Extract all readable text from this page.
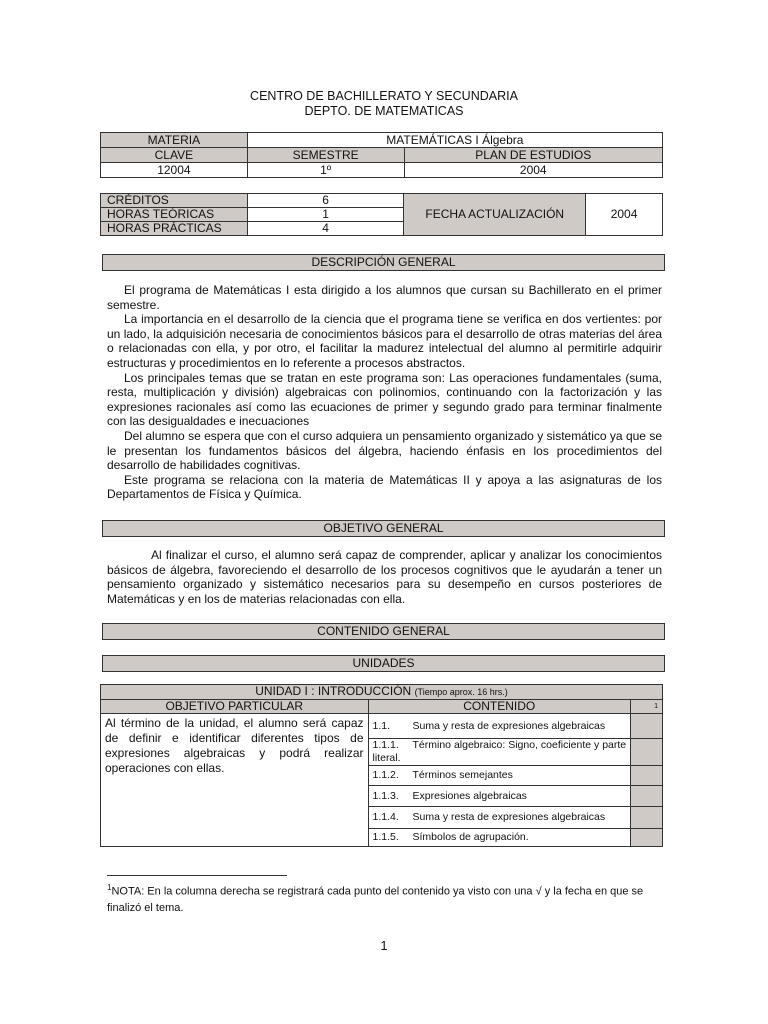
CENTRO DE BACHILLERATO Y SECUNDARIA
DEPTO. DE MATEMATICAS
MATERIA	MATEMÁTICAS I Álgebra	
CLAVE	SEMESTRE	PLAN DE ESTUDIOS
12004	1º	2004
CRÉDITOS	6	FECHA ACTUALIZACIÓN	2004
HORAS TEÓRICAS	1		
HORAS PRÁCTICAS	4		
DESCRIPCIÓN GENERAL

El programa de Matemáticas I esta dirigido a los alumnos que cursan su Bachillerato en el primer semestre.

La importancia en el desarrollo de la ciencia que el programa tiene se verifica en dos vertientes: por un lado, la adquisición necesaria de conocimientos básicos para el desarrollo de otras materias del área o relacionadas con ella, y por otro, el facilitar la madurez intelectual del alumno al permitirle adquirir estructuras y procedimientos en lo referente a procesos abstractos.

Los principales temas que se tratan en este programa son: Las operaciones fundamentales (suma, resta, multiplicación y división) algebraicas con polinomios, continuando con la factorización y las expresiones racionales así como las ecuaciones de primer y segundo grado para terminar finalmente con las desigualdades e inecuaciones

Del alumno se espera que con el curso adquiera un pensamiento organizado y sistemático ya que se le presentan los fundamentos básicos del álgebra, haciendo énfasis en los procedimientos del desarrollo de habilidades cognitivas.

Este programa se relaciona con la materia de Matemáticas II y apoya a las asignaturas de los Departamentos de Física y Química.

OBJETIVO GENERAL

Al finalizar el curso, el alumno será capaz de comprender, aplicar y analizar los conocimientos básicos de álgebra, favoreciendo el desarrollo de los procesos cognitivos que le ayudarán a tener un pensamiento organizado y sistemático necesarios para su desempeño en cursos posteriores de Matemáticas y en los de materias relacionadas con ella.

CONTENIDO GENERAL
UNIDADES
UNIDAD I : INTRODUCCIÓN (Tiempo aprox. 16 hrs.)		
OBJETIVO PARTICULAR	CONTENIDO	1
Al término de la unidad, el alumno será capaz de definir e identificar diferentes tipos de expresiones algebraicas y podrá realizar operaciones con ellas.	1.1. Suma y resta de expresiones algebraicas	
	1.1.1. Término algebraico: Signo, coeficiente y parte literal.	
	1.1.2. Términos semejantes	
	1.1.3. Expresiones algebraicas	
	1.1.4. Suma y resta de expresiones algebraicas	
	1.1.5. Símbolos de agrupación.	
$^1$NOTA: En la columna derecha se registrará cada punto del contenido ya visto con una √ y la fecha en que se finalizó el tema.
1
